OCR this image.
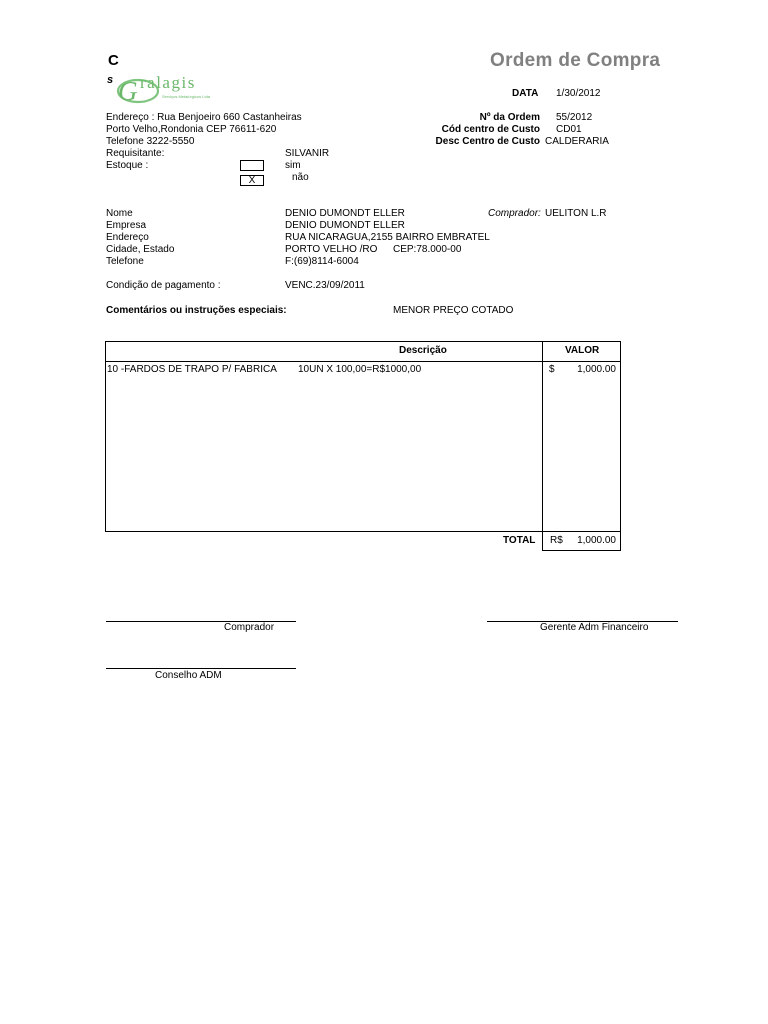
C
s G ralagis
Serviços Metalúrgicos Ltda
Ordem de Compra
DATA 1/30/2012
Endereço : Rua Benjoeiro 660 Castanheiras
Porto Velho,Rondonia CEP 76611-620
Telefone 3222-5550
Requisitante:	SILVANIR
Estoque :	sim
X	não
Nº da Ordem 55/2012
Cód centro de Custo CD01
Desc Centro de Custo CALDERARIA
Nome	DENIO DUMONDT ELLER	Comprador: UELITON L.R
Empresa	DENIO DUMONDT ELLER
Endereço	RUA NICARAGUA,2155 BAIRRO EMBRATEL
Cidade, Estado	PORTO VELHO /RO CEP:78.000-00
Telefone	F:(69)8114-6004
Condição de pagamento :	VENC.23/09/2011
Comentários ou instruções especiais:	MENOR PREÇO COTADO
Descrição	VALOR
10 -FARDOS DE TRAPO P/ FABRICA 10UN X 100,00=R$1000,00	$ 1,000.00
TOTAL R$ 1,000.00
Comprador	Gerente Adm Financeiro
Conselho ADM
